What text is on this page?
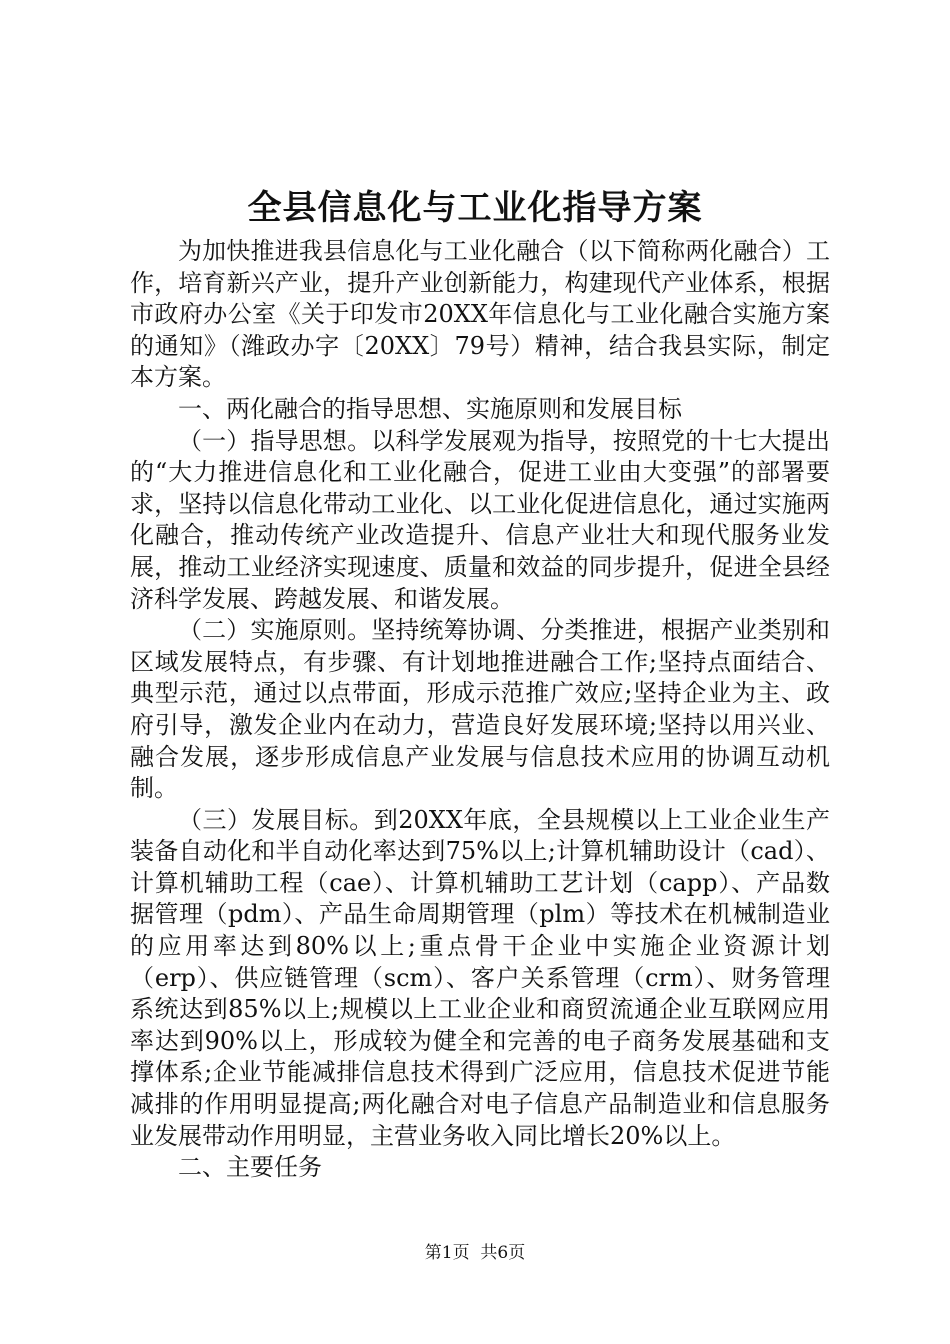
全县信息化与工业化指导方案

为加快推进我县信息化与工业化融合（以下简称两化融合）工作，培育新兴产业，提升产业创新能力，构建现代产业体系，根据市政府办公室《关于印发市20XX年信息化与工业化融合实施方案的通知》（潍政办字〔20XX〕79号）精神，结合我县实际，制定本方案。

一、两化融合的指导思想、实施原则和发展目标

（一）指导思想。以科学发展观为指导，按照党的十七大提出的“大力推进信息化和工业化融合，促进工业由大变强”的部署要求，坚持以信息化带动工业化、以工业化促进信息化，通过实施两化融合，推动传统产业改造提升、信息产业壮大和现代服务业发展，推动工业经济实现速度、质量和效益的同步提升，促进全县经济科学发展、跨越发展、和谐发展。

（二）实施原则。坚持统筹协调、分类推进，根据产业类别和区域发展特点，有步骤、有计划地推进融合工作;坚持点面结合、典型示范，通过以点带面，形成示范推广效应;坚持企业为主、政府引导，激发企业内在动力，营造良好发展环境;坚持以用兴业、融合发展，逐步形成信息产业发展与信息技术应用的协调互动机制。

（三）发展目标。到20XX年底，全县规模以上工业企业生产装备自动化和半自动化率达到75%以上;计算机辅助设计（cad）、计算机辅助工程（cae）、计算机辅助工艺计划（capp）、产品数据管理（pdm）、产品生命周期管理（plm）等技术在机械制造业的应用率达到80%以上;重点骨干企业中实施企业资源计划（erp）、供应链管理（scm）、客户关系管理（crm）、财务管理系统达到85%以上;规模以上工业企业和商贸流通企业互联网应用率达到90%以上，形成较为健全和完善的电子商务发展基础和支撑体系;企业节能减排信息技术得到广泛应用，信息技术促进节能减排的作用明显提高;两化融合对电子信息产品制造业和信息服务业发展带动作用明显，主营业务收入同比增长20%以上。

二、主要任务

第1页 共6页
